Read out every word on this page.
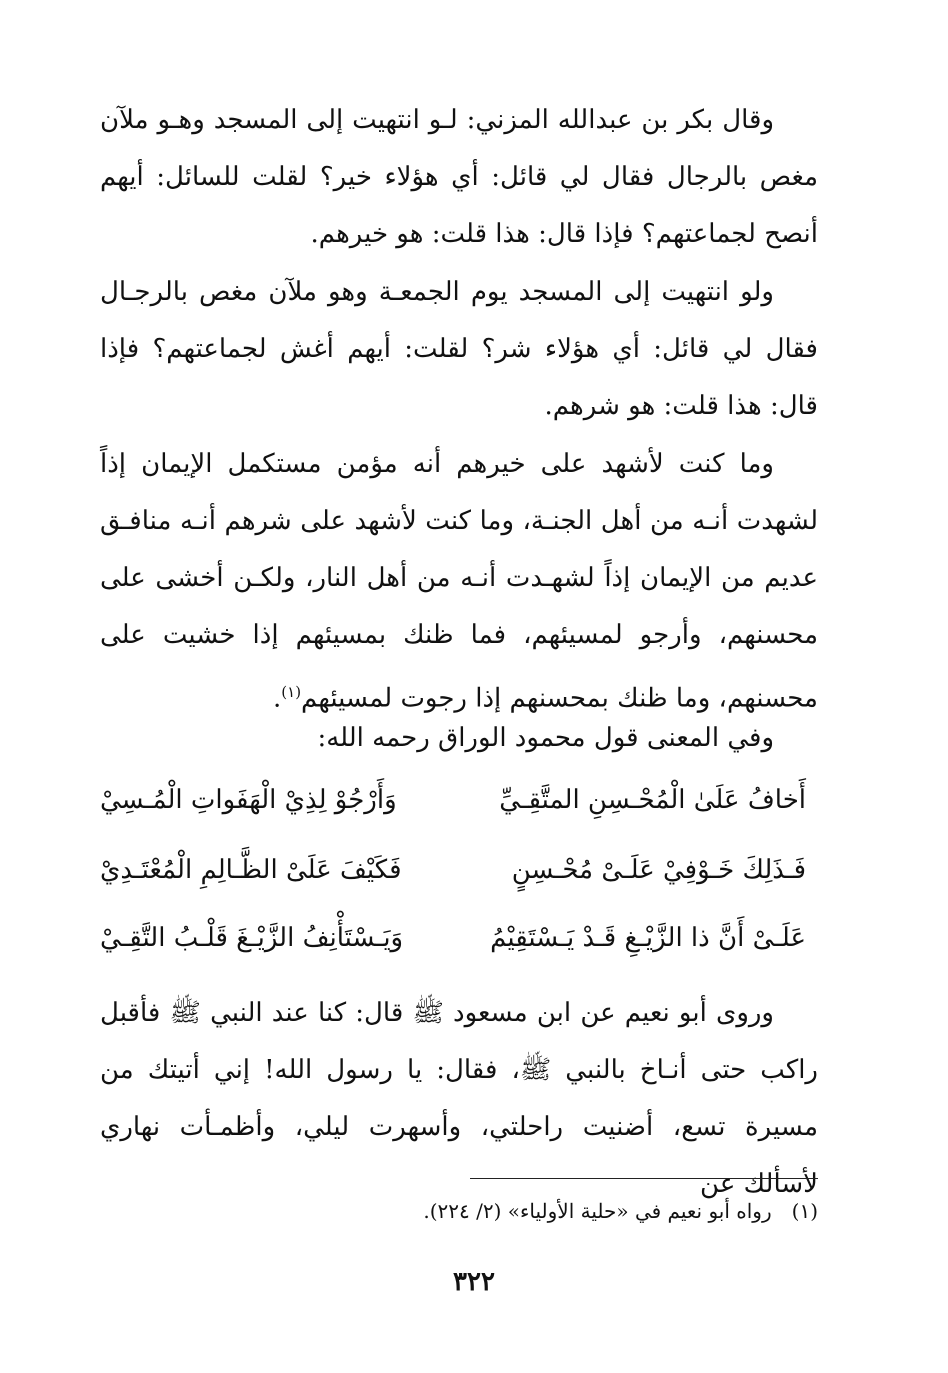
وقال بكر بن عبدالله المزني: لـو انتهيت إلى المسجد وهـو ملآن مغص بالرجال فقال لي قائل: أي هؤلاء خير؟ لقلت للسائل: أيهم أنصح لجماعتهم؟ فإذا قال: هذا قلت: هو خيرهم.

ولو انتهيت إلى المسجد يوم الجمعـة وهو ملآن مغص بالرجـال فقال لي قائل: أي هؤلاء شر؟ لقلت: أيهم أغش لجماعتهم؟ فإذا قال: هذا قلت: هو شرهم.

وما كنت لأشهد على خيرهم أنه مؤمن مستكمل الإيمان إذاً لشهدت أنـه من أهل الجنـة، وما كنت لأشهد على شرهم أنـه منافـق عديم من الإيمان إذاً لشهـدت أنـه من أهل النار، ولكـن أخشى على محسنهم، وأرجو لمسيئهم، فما ظنك بمسيئهم إذا خشيت على محسنهم، وما ظنك بمحسنهم إذا رجوت لمسيئهم$^{(١)}$.

وفي المعنى قول محمود الوراق رحمه الله:

أَخافُ عَلَىٰ الْمُحْـسِنِ المتَّقِـيِّ
وَأَرْجُوْ لِذِيْ الْهَفَواتِ الْمُـسِيْ
فَـذَلِكَ خَـوْفِيْ عَلَـىْ مُحْـسِنٍ
فَكَيْفَ عَلَىْ الظَّـالِمِ الْمُعْتَـدِيْ
عَلَـىْ أَنَّ ذا الزَّيْـغِ قَـدْ يَـسْتَقِيْمُ
وَيَـسْتَأْنِفُ الزَّيْـغَ قَلْـبُ التَّقِـيْ

وروى أبو نعيم عن ابن مسعود ﷺ قال: كنا عند النبي ﷺ فأقبل راكب حتى أنـاخ بالنبي ﷺ، فقال: يا رسول الله! إني أتيتك من مسيرة تسع، أضنيت راحلتي، وأسهرت ليلي، وأظمـأت نهاري لأسألك عن

(١)رواه أبو نعيم في «حلية الأولياء» (٢/ ٢٢٤).
٣٢٢
